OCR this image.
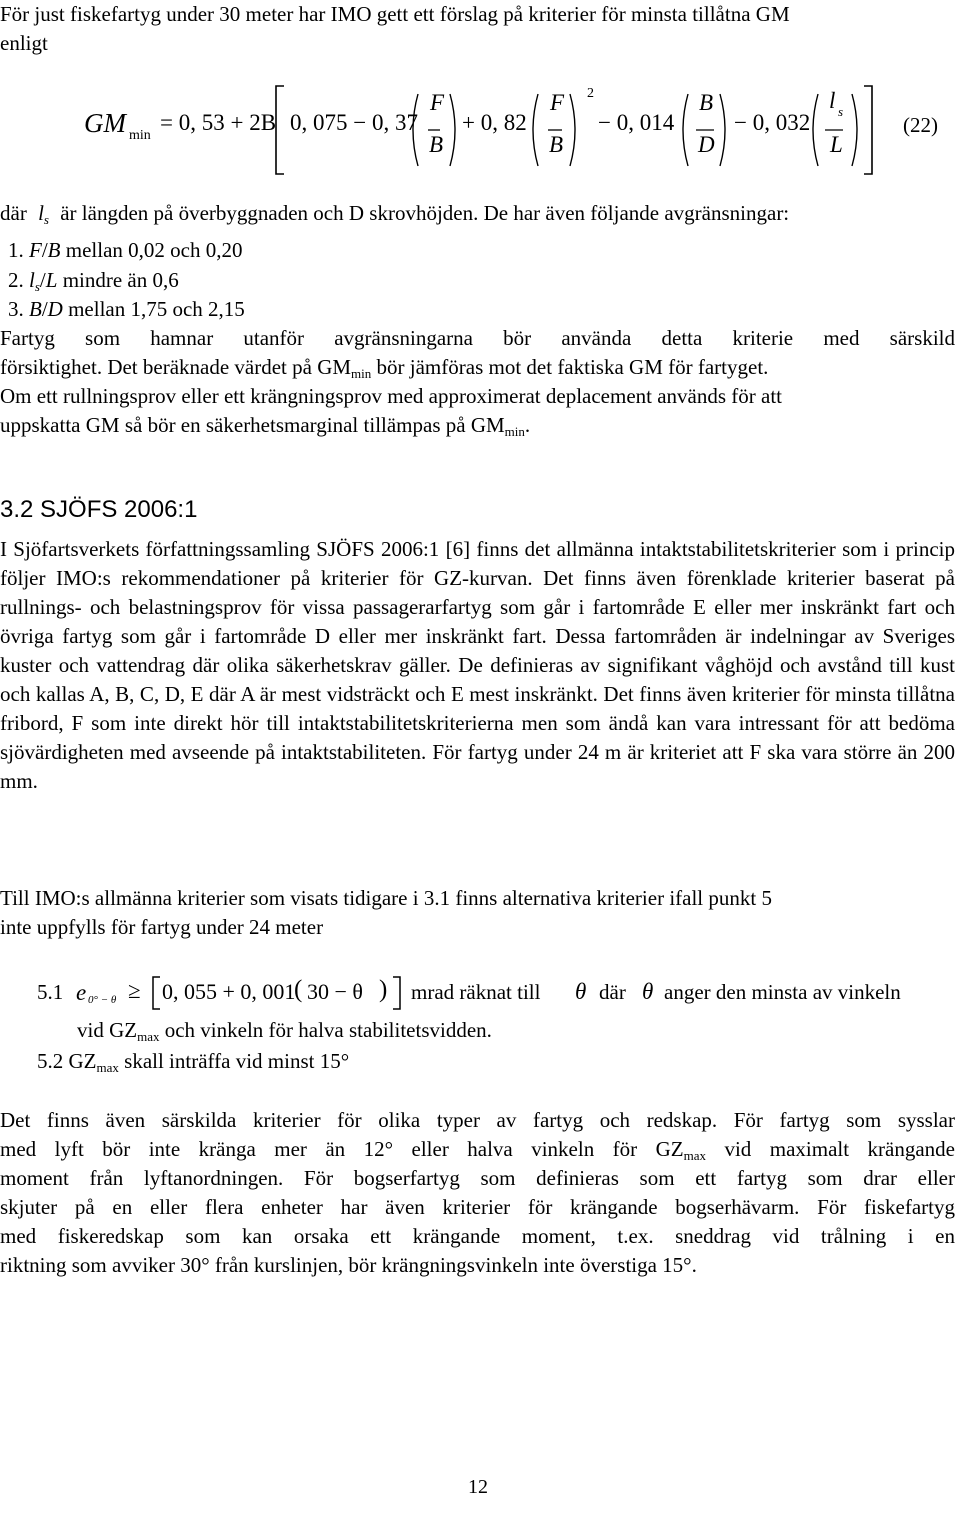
För just fiskefartyg under 30 meter har IMO gett ett förslag på kriterier för minsta tillåtna GM
enligt
GM min
= 0, 53 + 2B 0, 075 − 0, 37
F
B
+ 0, 82
F
B
2
− 0, 014
B
D
− 0, 032
l s
L
(22)
där $l_s$ är längden på överbyggnaden och D skrovhöjden. De har även följande avgränsningar:
1. F/B mellan 0,02 och 0,20
2. $l_s/L$ mindre än 0,6
3. B/D mellan 1,75 och 2,15
Fartyg som hamnar utanför avgränsningarna bör använda detta kriterie med särskild
försiktighet. Det beräknade värdet på $GM_{min}$ bör jämföras mot det faktiska GM för fartyget.
Om ett rullningsprov eller ett krängningsprov med approximerat deplacement används för att
uppskatta GM så bör en säkerhetsmarginal tillämpas på $GM_{min}$.
3.2 SJÖFS 2006:1
I Sjöfartsverkets författningssamling SJÖFS 2006:1 [6] finns det allmänna intaktstabilitetskriterier som i princip följer IMO:s rekommendationer på kriterier för GZ-kurvan. Det finns även förenklade kriterier baserat på rullnings- och belastningsprov för vissa passagerarfartyg som går i fartområde E eller mer inskränkt fart och övriga fartyg som går i fartområde D eller mer inskränkt fart. Dessa fartområden är indelningar av Sveriges kuster och vattendrag där olika säkerhetskrav gäller. De definieras av signifikant våghöjd och avstånd till kust och kallas A, B, C, D, E där A är mest vidsträckt och E mest inskränkt. Det finns även kriterier för minsta tillåtna fribord, F som inte direkt hör till intaktstabilitetskriterierna men som ändå kan vara intressant för att bedöma sjövärdigheten med avseende på intaktstabiliteten. För fartyg under 24 m är kriteriet att F ska vara större än 200 mm.
Till IMO:s allmänna kriterier som visats tidigare i 3.1 finns alternativa kriterier ifall punkt 5
inte uppfylls för fartyg under 24 meter
5.1 e 0° − θ ≥ 0, 055 + 0, 001
( 30 − θ ) mrad räknat till θ där θ anger den minsta av vinkeln
vid $GZ_{max}$ och vinkeln för halva stabilitetsvidden.
5.2 $GZ_{max}$ skall inträffa vid minst 15°
Det finns även särskilda kriterier för olika typer av fartyg och redskap. För fartyg som sysslar
med lyft bör inte kränga mer än 12° eller halva vinkeln för $GZ_{max}$ vid maximalt krängande
moment från lyftanordningen. För bogserfartyg som definieras som ett fartyg som drar eller
skjuter på en eller flera enheter har även kriterier för krängande bogserhävarm. För fiskefartyg
med fiskeredskap som kan orsaka ett krängande moment, t.ex. sneddrag vid trålning i en
riktning som avviker 30° från kurslinjen, bör krängningsvinkeln inte överstiga 15°.
12
